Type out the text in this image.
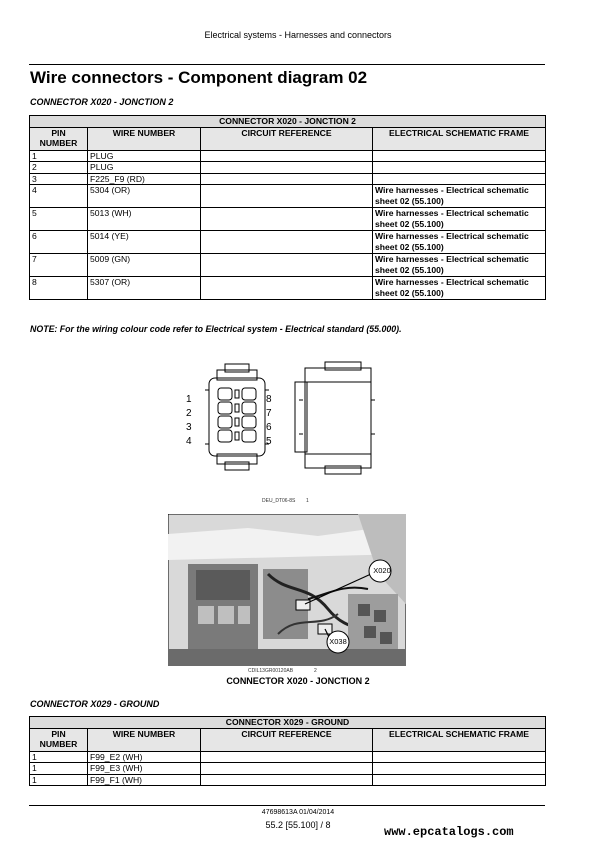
Electrical systems - Harnesses and connectors
Wire connectors - Component diagram 02
CONNECTOR X020 - JONCTION 2
CONNECTOR X020 - JONCTION 2			
PIN NUMBER	WIRE NUMBER	CIRCUIT REFERENCE	ELECTRICAL SCHEMATIC FRAME
1	PLUG		
2	PLUG		
3	F225_F9 (RD)		
4	5304 (OR)		Wire harnesses - Electrical schematic sheet 02 (55.100)
5	5013 (WH)		Wire harnesses - Electrical schematic sheet 02 (55.100)
6	5014 (YE)		Wire harnesses - Electrical schematic sheet 02 (55.100)
7	5009 (GN)		Wire harnesses - Electrical schematic sheet 02 (55.100)
8	5307 (OR)		Wire harnesses - Electrical schematic sheet 02 (55.100)
NOTE: For the wiring colour code refer to Electrical system - Electrical standard (55.000).
1
2
3
4
8
7
6
5
DEU_DT06-8S 1
X020
X038
CDIL13GR00120AB	2
CONNECTOR X020 - JONCTION 2
CONNECTOR X029 - GROUND
CONNECTOR X029 - GROUND			
PIN NUMBER	WIRE NUMBER	CIRCUIT REFERENCE	ELECTRICAL SCHEMATIC FRAME
1	F99_E2 (WH)		
1	F99_E3 (WH)		
1	F99_F1 (WH)		
47698613A 01/04/2014
55.2 [55.100] / 8	www.epcatalogs.com
